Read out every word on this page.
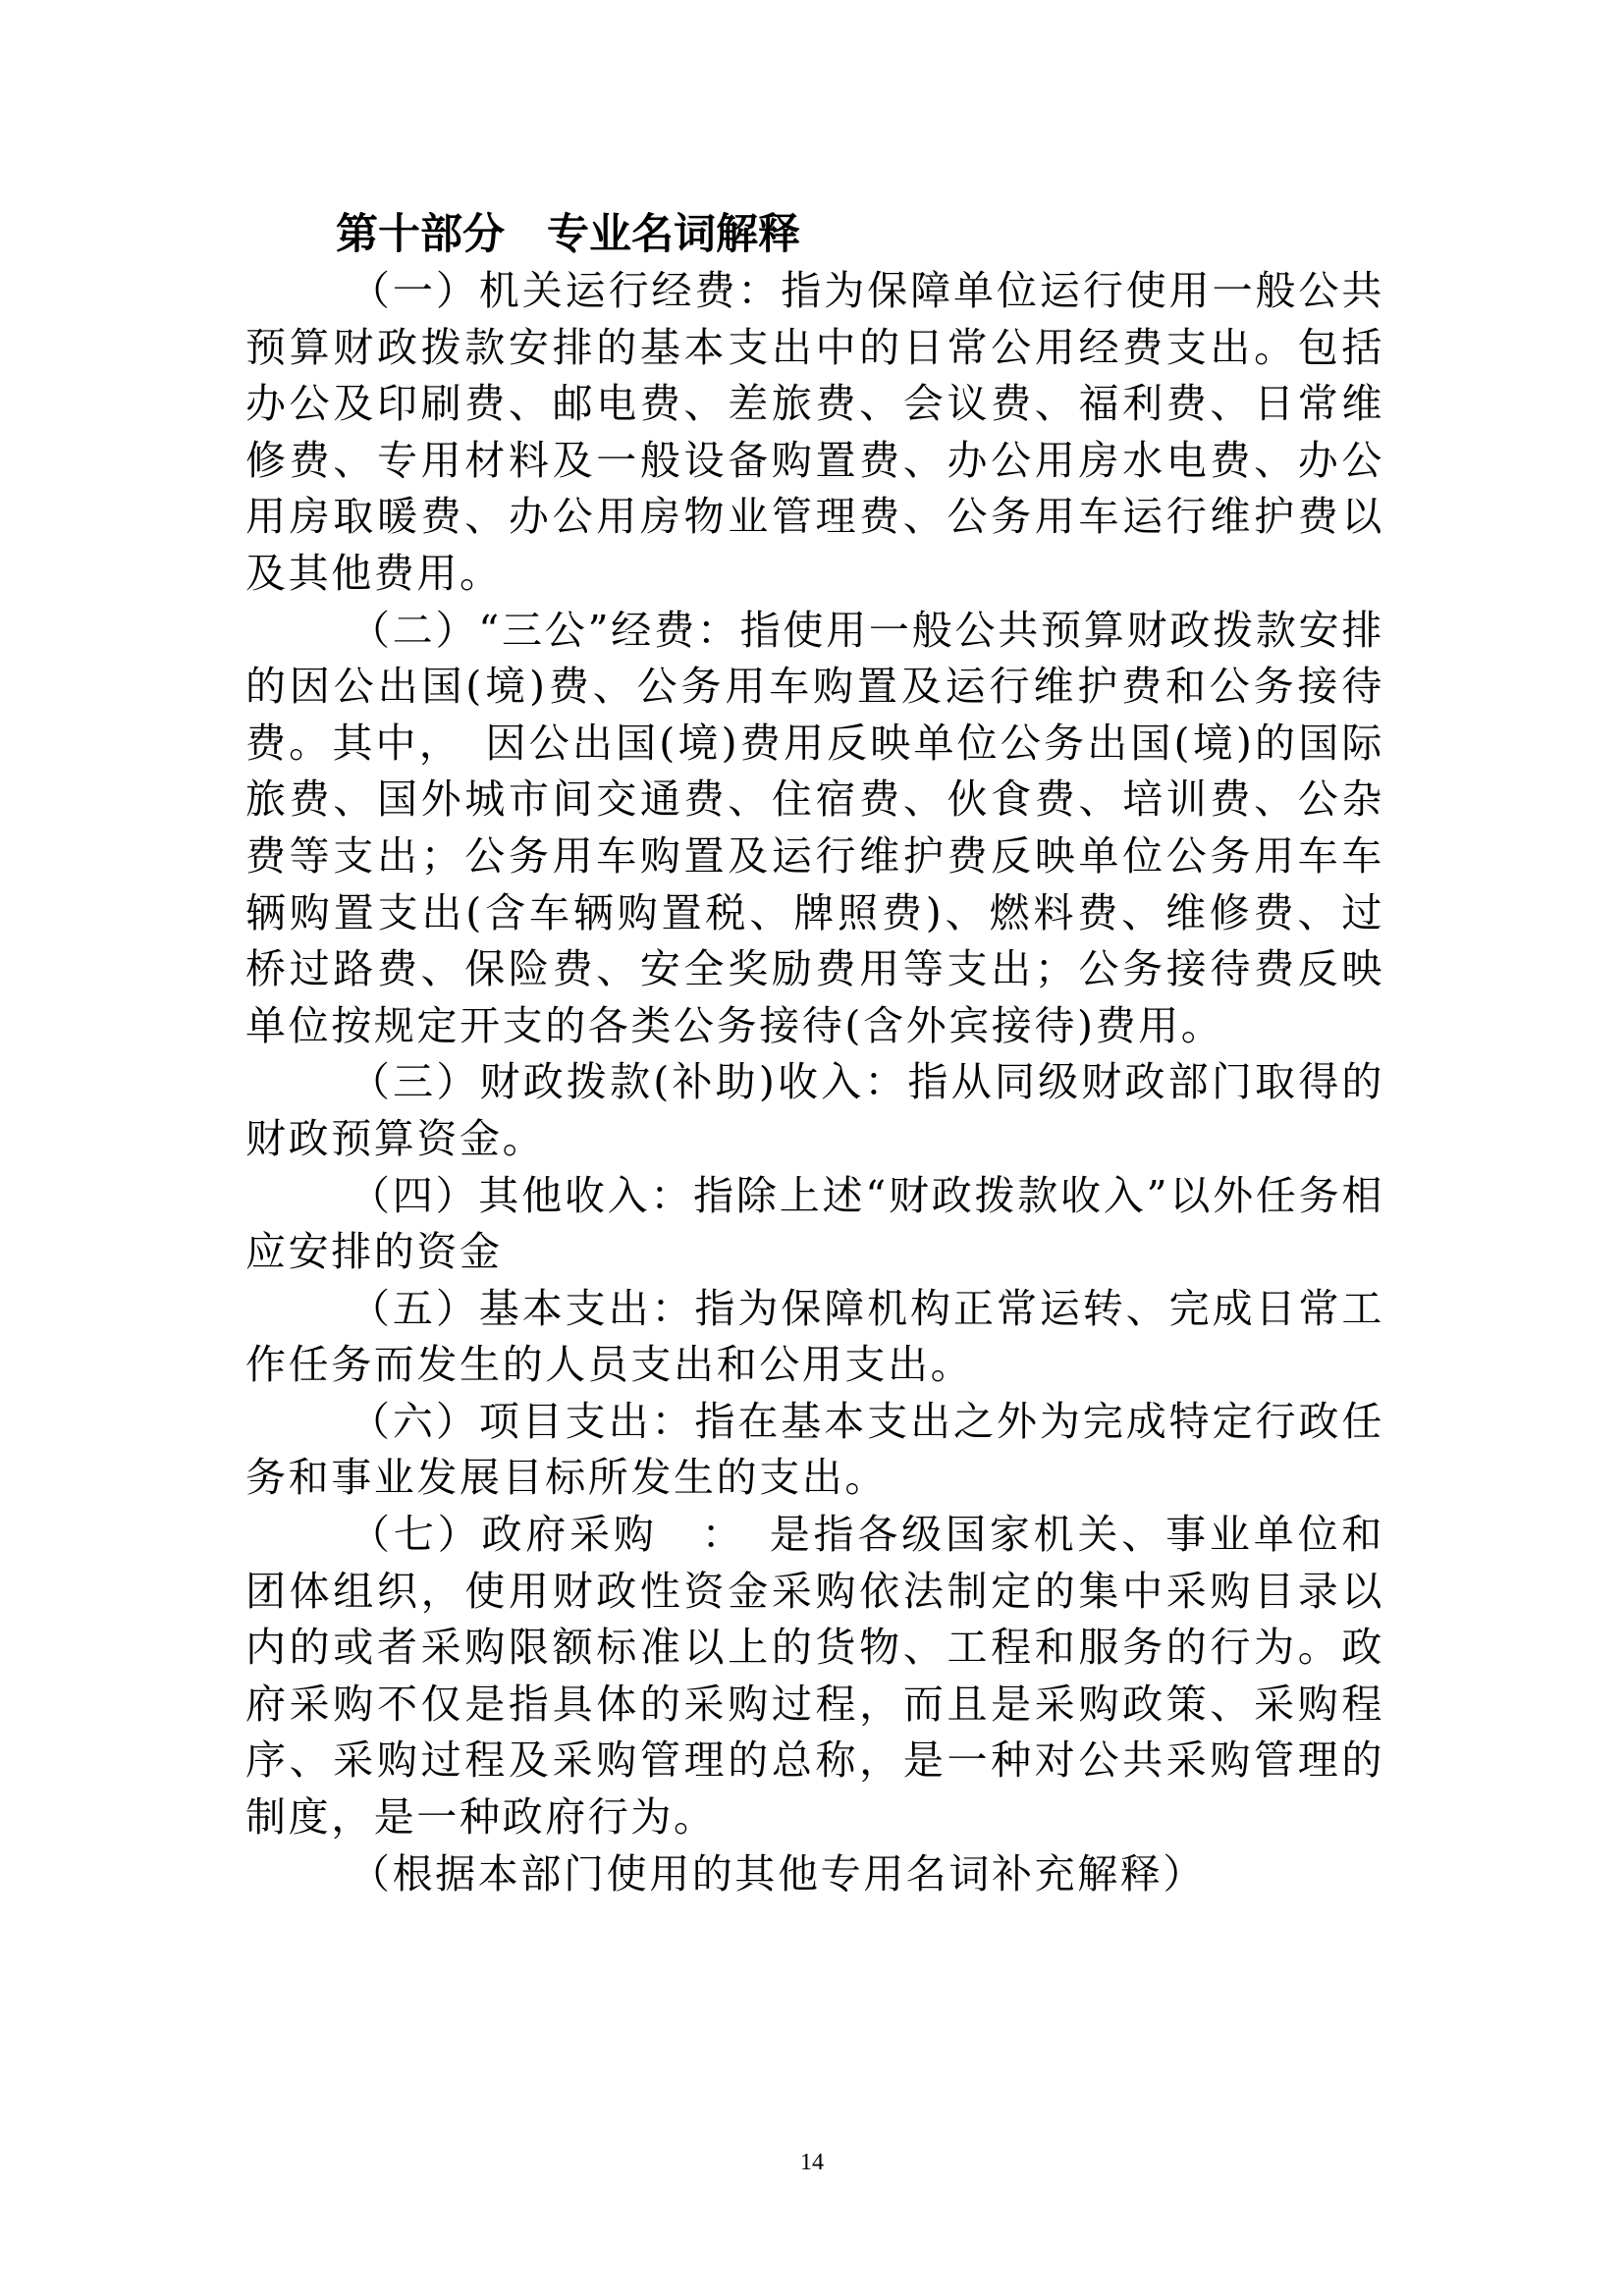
第十部分　专业名词解释

（一）机关运行经费：指为保障单位运行使用一般公共预算财政拨款安排的基本支出中的日常公用经费支出。包括办公及印刷费、邮电费、差旅费、会议费、福利费、日常维修费、专用材料及一般设备购置费、办公用房水电费、办公用房取暖费、办公用房物业管理费、公务用车运行维护费以及其他费用。

（二）“三公”经费：指使用一般公共预算财政拨款安排的因公出国(境)费、公务用车购置及运行维护费和公务接待费。其中，　因公出国(境)费用反映单位公务出国(境)的国际旅费、国外城市间交通费、住宿费、伙食费、培训费、公杂费等支出；公务用车购置及运行维护费反映单位公务用车车辆购置支出(含车辆购置税、牌照费)、燃料费、维修费、过桥过路费、保险费、安全奖励费用等支出；公务接待费反映单位按规定开支的各类公务接待(含外宾接待)费用。

（三）财政拨款(补助)收入：指从同级财政部门取得的财政预算资金。

（四）其他收入：指除上述“财政拨款收入”以外任务相应安排的资金

（五）基本支出：指为保障机构正常运转、完成日常工作任务而发生的人员支出和公用支出。

（六）项目支出：指在基本支出之外为完成特定行政任务和事业发展目标所发生的支出。

（七）政府采购　：　是指各级国家机关、事业单位和团体组织，使用财政性资金采购依法制定的集中采购目录以内的或者采购限额标准以上的货物、工程和服务的行为。政府采购不仅是指具体的采购过程，而且是采购政策、采购程序、采购过程及采购管理的总称，是一种对公共采购管理的制度，是一种政府行为。

（根据本部门使用的其他专用名词补充解释）

14
